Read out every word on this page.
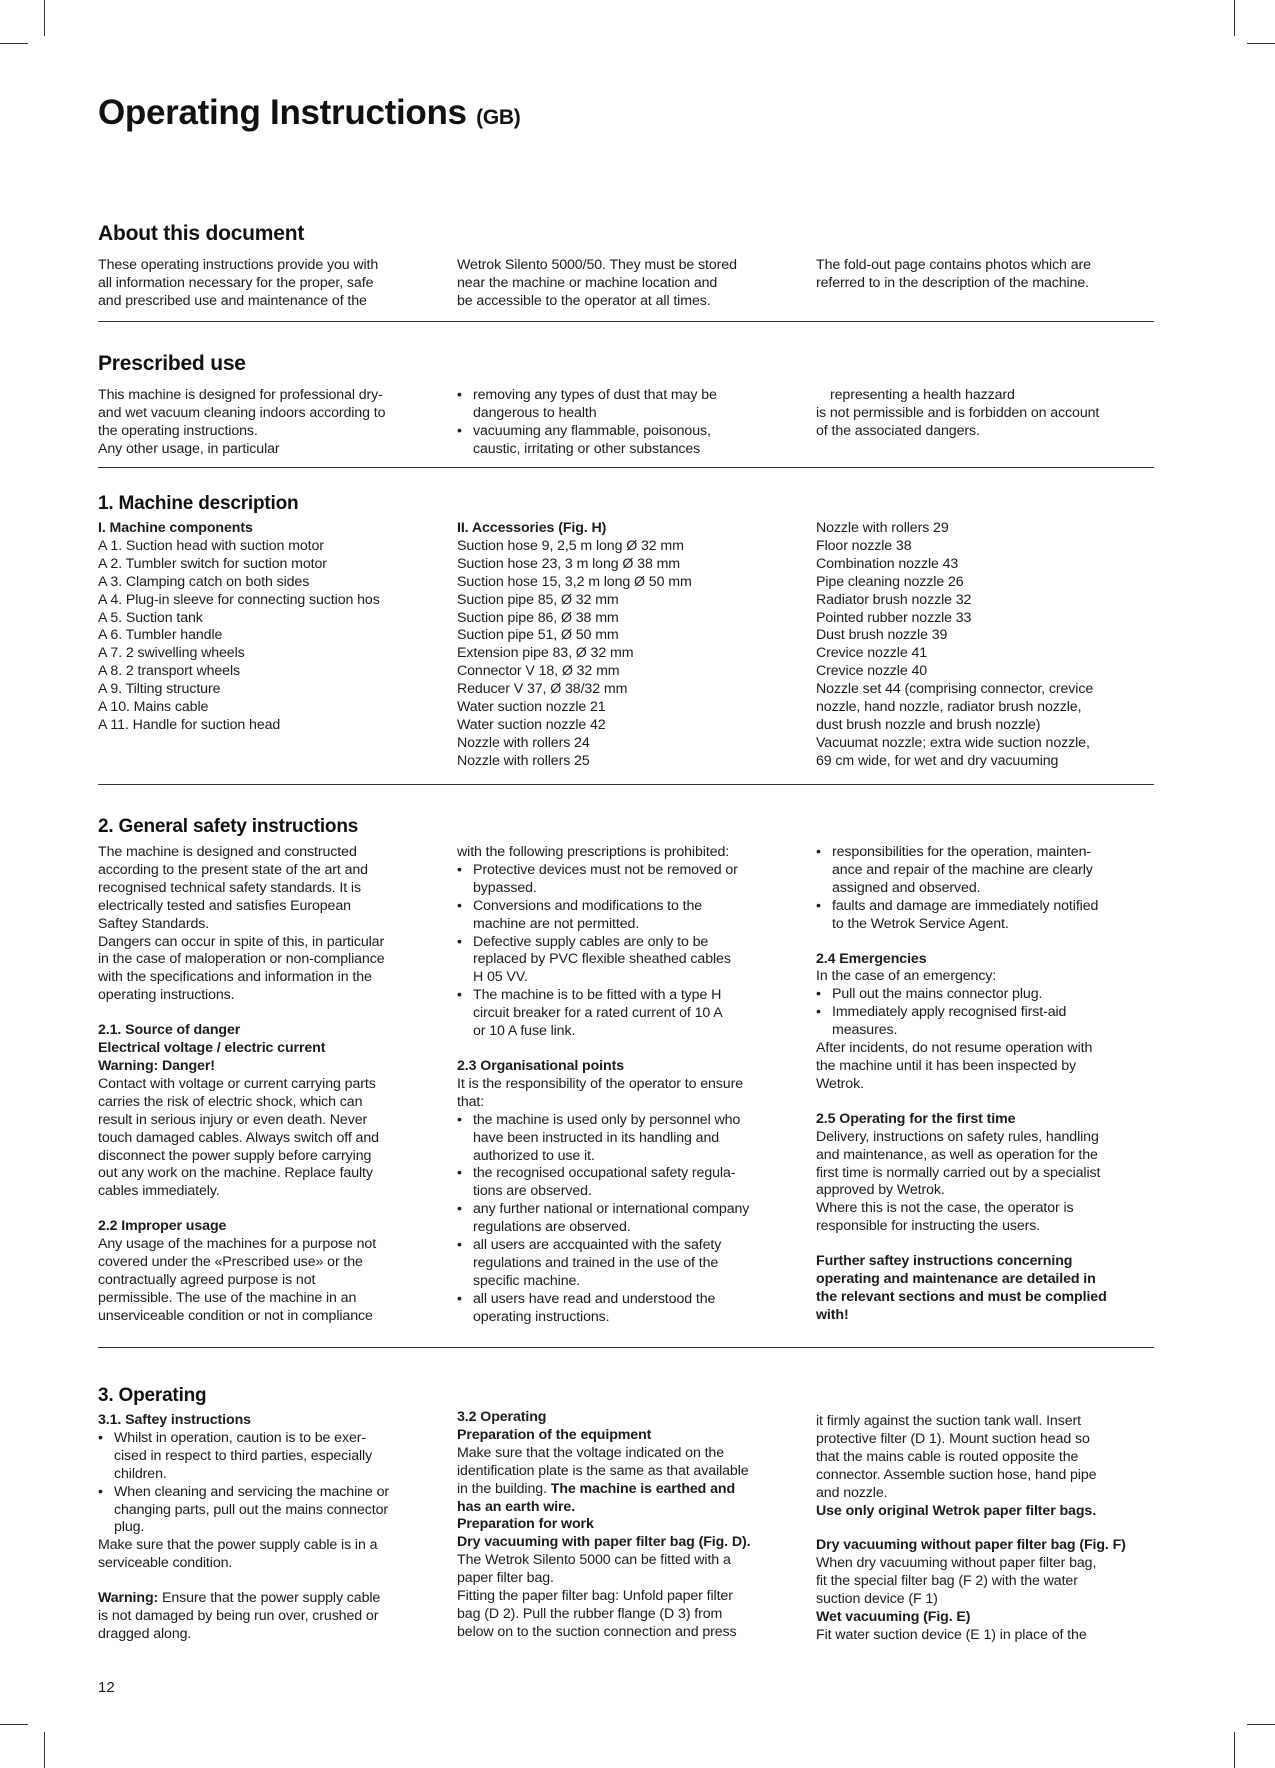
Operating Instructions (GB)
About this document
These operating instructions provide you with
all information necessary for the proper, safe
and prescribed use and maintenance of the
Wetrok Silento 5000/50. They must be stored
near the machine or machine location and
be accessible to the operator at all times.
The fold-out page contains photos which are
referred to in the description of the machine.
Prescribed use
This machine is designed for professional dry-
and wet vacuum cleaning indoors according to
the operating instructions.
Any other usage, in particular
• removing any types of dust that may be
dangerous to health
• vacuuming any flammable, poisonous,
caustic, irritating or other substances
representing a health hazzard
is not permissible and is forbidden on account
of the associated dangers.
1. Machine description
I. Machine components
A 1. Suction head with suction motor
A 2. Tumbler switch for suction motor
A 3. Clamping catch on both sides
A 4. Plug-in sleeve for connecting suction hos
A 5. Suction tank
A 6. Tumbler handle
A 7. 2 swivelling wheels
A 8. 2 transport wheels
A 9. Tilting structure
A 10. Mains cable
A 11. Handle for suction head
II. Accessories (Fig. H)
Suction hose 9, 2,5 m long Ø 32 mm
Suction hose 23, 3 m long Ø 38 mm
Suction hose 15, 3,2 m long Ø 50 mm
Suction pipe 85, Ø 32 mm
Suction pipe 86, Ø 38 mm
Suction pipe 51, Ø 50 mm
Extension pipe 83, Ø 32 mm
Connector V 18, Ø 32 mm
Reducer V 37, Ø 38/32 mm
Water suction nozzle 21
Water suction nozzle 42
Nozzle with rollers 24
Nozzle with rollers 25
Nozzle with rollers 29
Floor nozzle 38
Combination nozzle 43
Pipe cleaning nozzle 26
Radiator brush nozzle 32
Pointed rubber nozzle 33
Dust brush nozzle 39
Crevice nozzle 41
Crevice nozzle 40
Nozzle set 44 (comprising connector, crevice
nozzle, hand nozzle, radiator brush nozzle,
dust brush nozzle and brush nozzle)
Vacuumat nozzle; extra wide suction nozzle,
69 cm wide, for wet and dry vacuuming
2. General safety instructions
The machine is designed and constructed
according to the present state of the art and
recognised technical safety standards. It is
electrically tested and satisfies European
Saftey Standards.
Dangers can occur in spite of this, in particular
in the case of maloperation or non-compliance
with the specifications and information in the
operating instructions.
2.1. Source of danger
Electrical voltage / electric current
Warning: Danger!
Contact with voltage or current carrying parts
carries the risk of electric shock, which can
result in serious injury or even death. Never
touch damaged cables. Always switch off and
disconnect the power supply before carrying
out any work on the machine. Replace faulty
cables immediately.
2.2 Improper usage
Any usage of the machines for a purpose not
covered under the «Prescribed use» or the
contractually agreed purpose is not
permissible. The use of the machine in an
unserviceable condition or not in compliance
with the following prescriptions is prohibited:
• Protective devices must not be removed or
bypassed.
• Conversions and modifications to the
machine are not permitted.
• Defective supply cables are only to be
replaced by PVC flexible sheathed cables
H 05 VV.
• The machine is to be fitted with a type H
circuit breaker for a rated current of 10 A
or 10 A fuse link.
2.3 Organisational points
It is the responsibility of the operator to ensure
that:
• the machine is used only by personnel who
have been instructed in its handling and
authorized to use it.
• the recognised occupational safety regula-
tions are observed.
• any further national or international company
regulations are observed.
• all users are accquainted with the safety
regulations and trained in the use of the
specific machine.
• all users have read and understood the
operating instructions.
• responsibilities for the operation, mainten-
ance and repair of the machine are clearly
assigned and observed.
• faults and damage are immediately notified
to the Wetrok Service Agent.
2.4 Emergencies
In the case of an emergency:
• Pull out the mains connector plug.
• Immediately apply recognised first-aid
measures.
After incidents, do not resume operation with
the machine until it has been inspected by
Wetrok.
2.5 Operating for the first time
Delivery, instructions on safety rules, handling
and maintenance, as well as operation for the
first time is normally carried out by a specialist
approved by Wetrok.
Where this is not the case, the operator is
responsible for instructing the users.
Further saftey instructions concerning
operating and maintenance are detailed in
the relevant sections and must be complied
with!
3. Operating
3.1. Saftey instructions
• Whilst in operation, caution is to be exer-
cised in respect to third parties, especially
children.
• When cleaning and servicing the machine or
changing parts, pull out the mains connector
plug.
Make sure that the power supply cable is in a
serviceable condition.
Warning: Ensure that the power supply cable
is not damaged by being run over, crushed or
dragged along.
3.2 Operating
Preparation of the equipment
Make sure that the voltage indicated on the
identification plate is the same as that available
in the building. The machine is earthed and
has an earth wire.
Preparation for work
Dry vacuuming with paper filter bag (Fig. D).
The Wetrok Silento 5000 can be fitted with a
paper filter bag.
Fitting the paper filter bag: Unfold paper filter
bag (D 2). Pull the rubber flange (D 3) from
below on to the suction connection and press
it firmly against the suction tank wall. Insert
protective filter (D 1). Mount suction head so
that the mains cable is routed opposite the
connector. Assemble suction hose, hand pipe
and nozzle.
Use only original Wetrok paper filter bags.
Dry vacuuming without paper filter bag (Fig. F)
When dry vacuuming without paper filter bag,
fit the special filter bag (F 2) with the water
suction device (F 1)
Wet vacuuming (Fig. E)
Fit water suction device (E 1) in place of the
12
